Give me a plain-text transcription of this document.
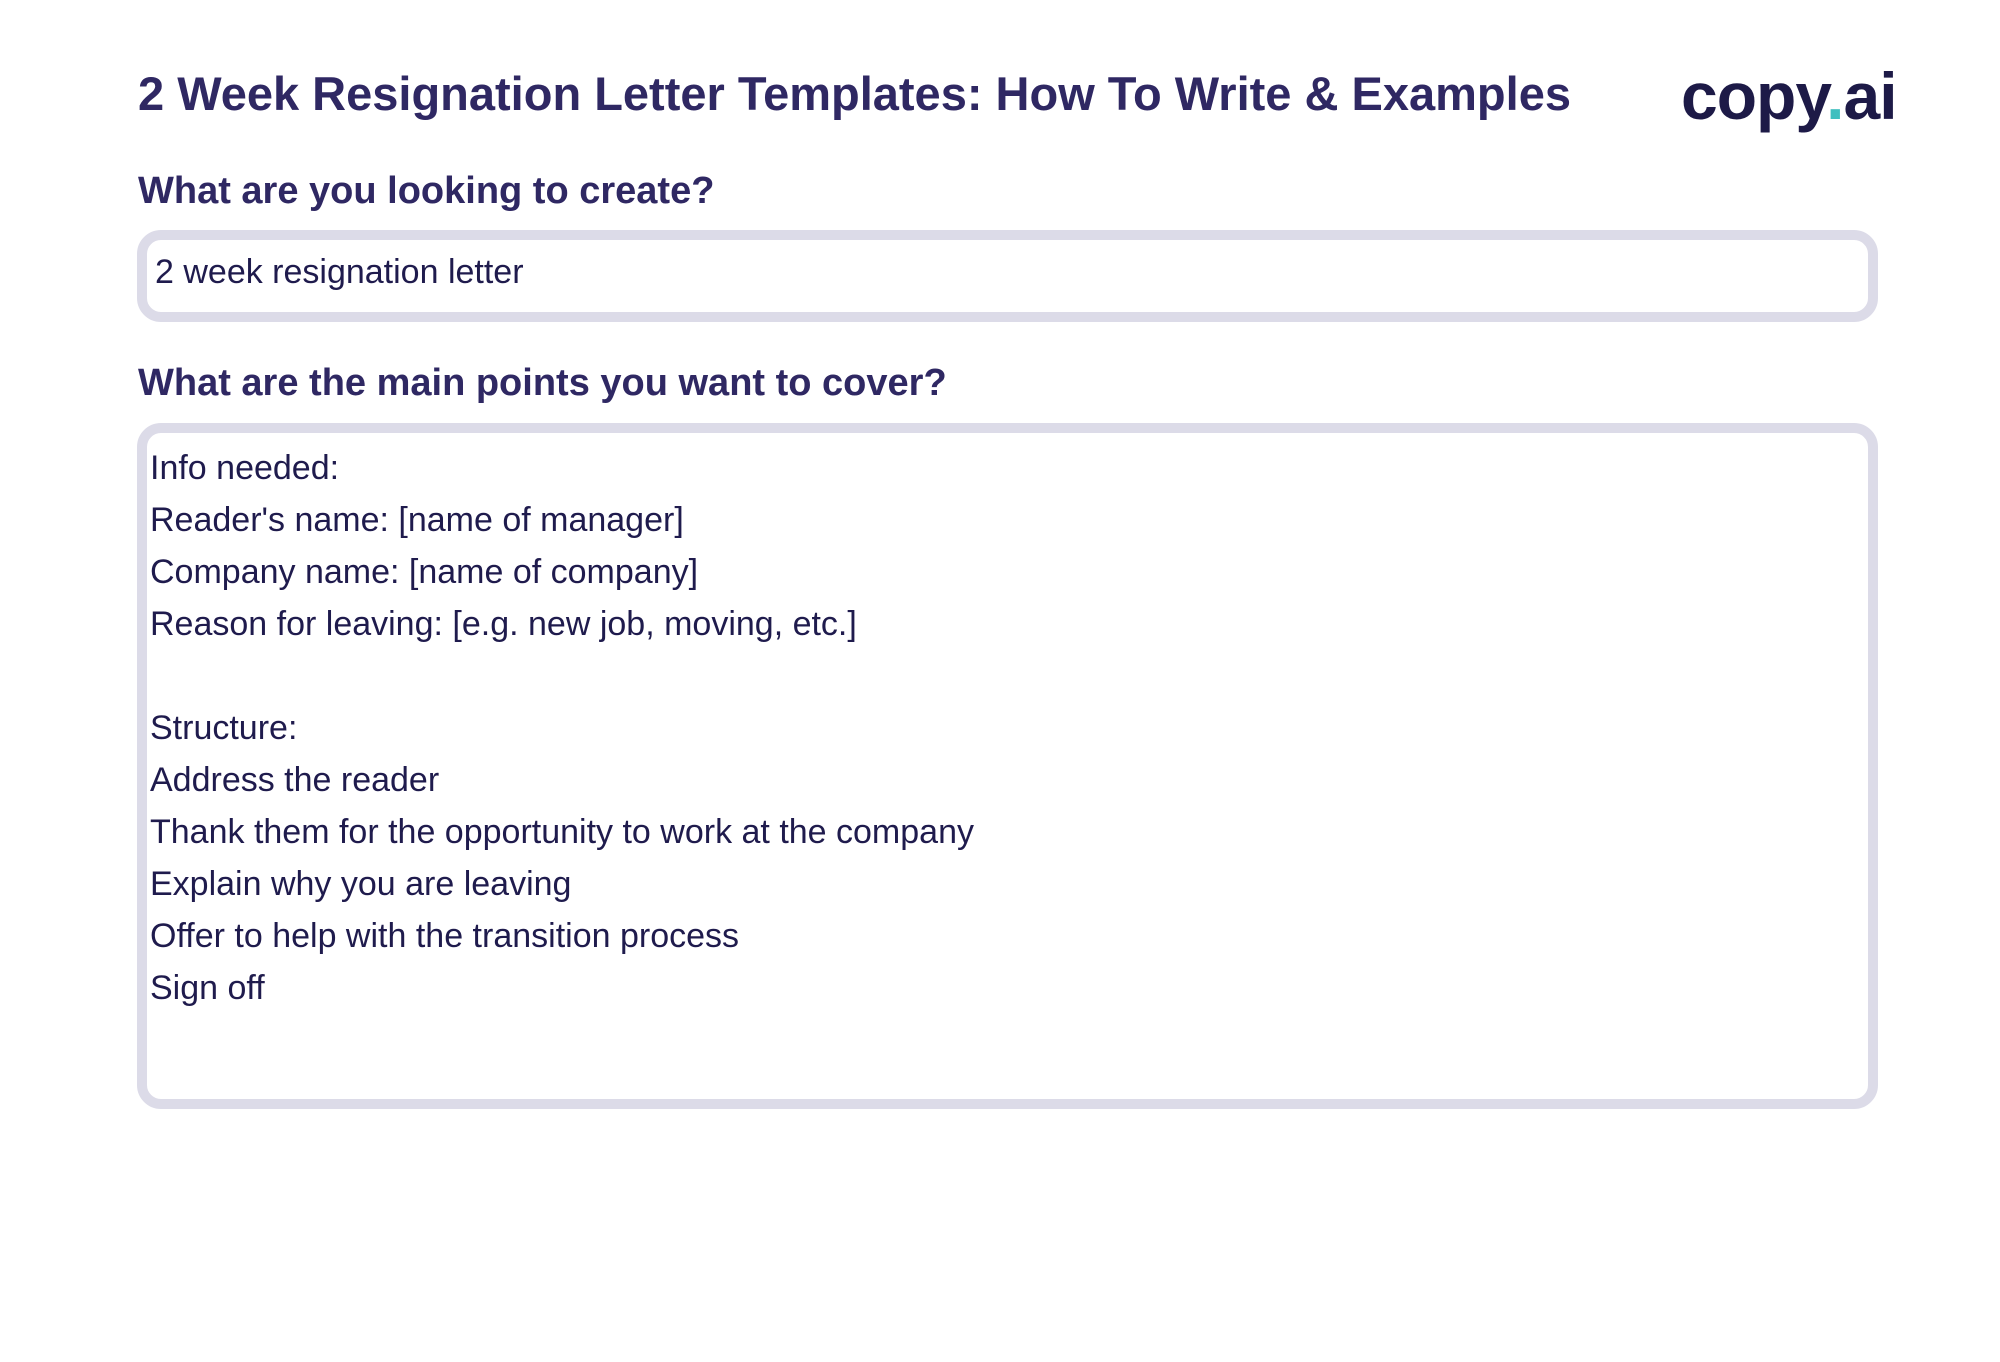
2 Week Resignation Letter Templates: How To Write & Examples copy.ai
What are you looking to create?
2 week resignation letter
What are the main points you want to cover?
Info needed:
Reader's name: [name of manager]
Company name: [name of company]
Reason for leaving: [e.g. new job, moving, etc.]
Structure:
Address the reader
Thank them for the opportunity to work at the company
Explain why you are leaving
Offer to help with the transition process
Sign off
